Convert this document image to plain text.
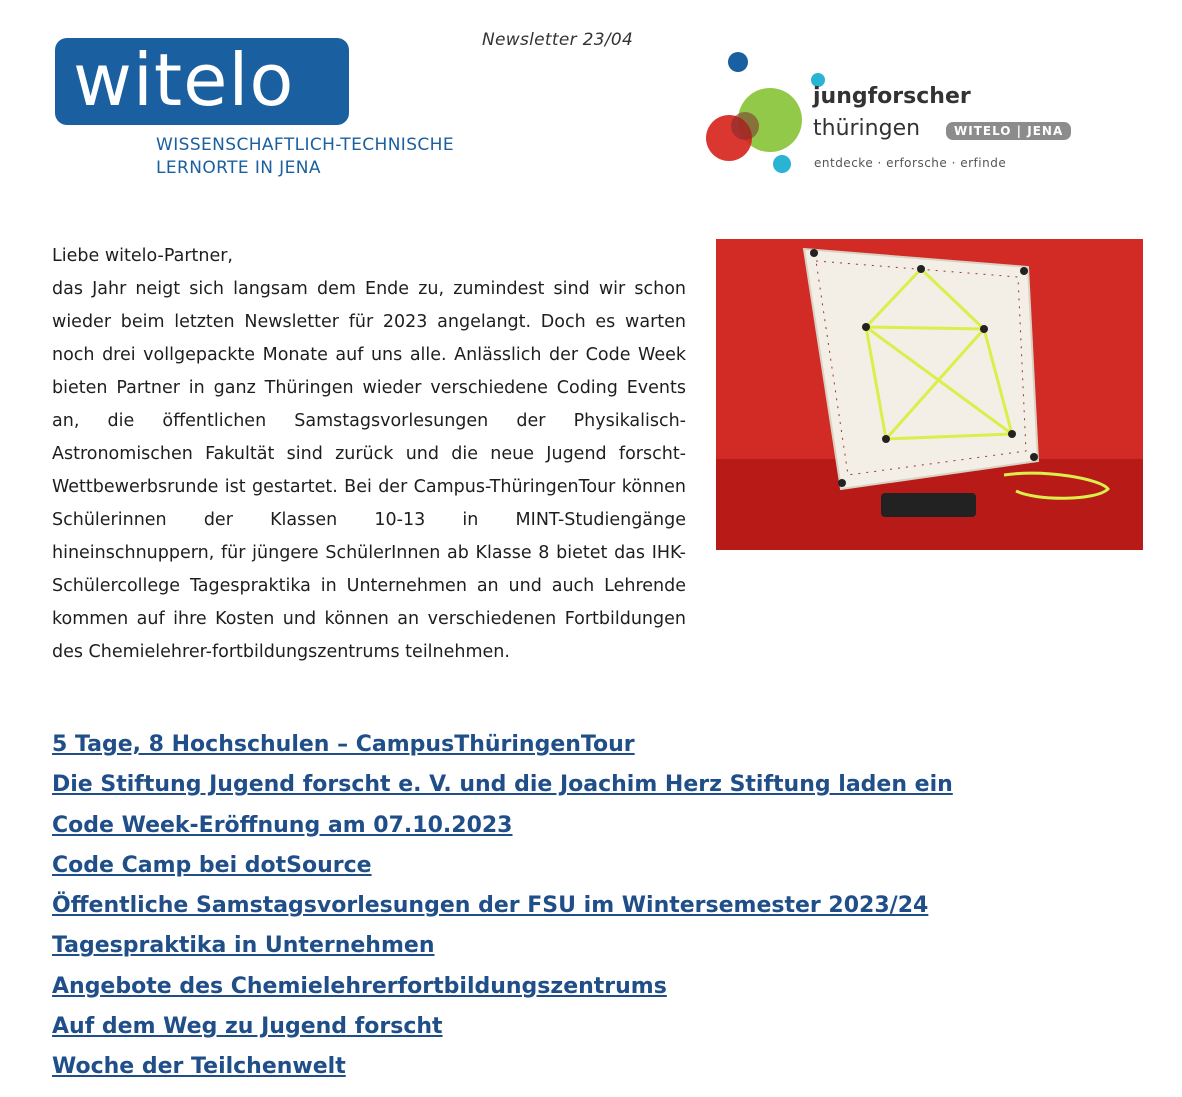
Newsletter 23/04
witelo
WISSENSCHAFTLICH-TECHNISCHE
LERNORTE IN JENA
jungforscher
thüringen	WITELO | JENA
entdecke · erforsche · erfinde

Liebe witelo-Partner,

das Jahr neigt sich langsam dem Ende zu, zumindest sind wir schon wieder beim letzten Newsletter für 2023 angelangt. Doch es warten noch drei vollgepackte Monate auf uns alle. Anlässlich der Code Week bieten Partner in ganz Thüringen wieder verschiedene Coding Events an, die öffentlichen Samstagsvorlesungen der Physikalisch-Astronomischen Fakultät sind zurück und die neue Jugend forscht-Wettbewerbsrunde ist gestartet. Bei der Campus-ThüringenTour können Schülerinnen der Klassen 10-13 in MINT-Studiengänge hineinschnuppern, für jüngere SchülerInnen ab Klasse 8 bietet das IHK-Schülercollege Tagespraktika in Unternehmen an und auch Lehrende kommen auf ihre Kosten und können an verschiedenen Fortbildungen des Chemielehrer-fortbildungszentrums teilnehmen.

5 Tage, 8 Hochschulen – CampusThüringenTour
Die Stiftung Jugend forscht e. V. und die Joachim Herz Stiftung laden ein
Code Week-Eröffnung am 07.10.2023
Code Camp bei dotSource
Öffentliche Samstagsvorlesungen der FSU im Wintersemester 2023/24
Tagespraktika in Unternehmen
Angebote des Chemielehrerfortbildungszentrums
Auf dem Weg zu Jugend forscht
Woche der Teilchenwelt
